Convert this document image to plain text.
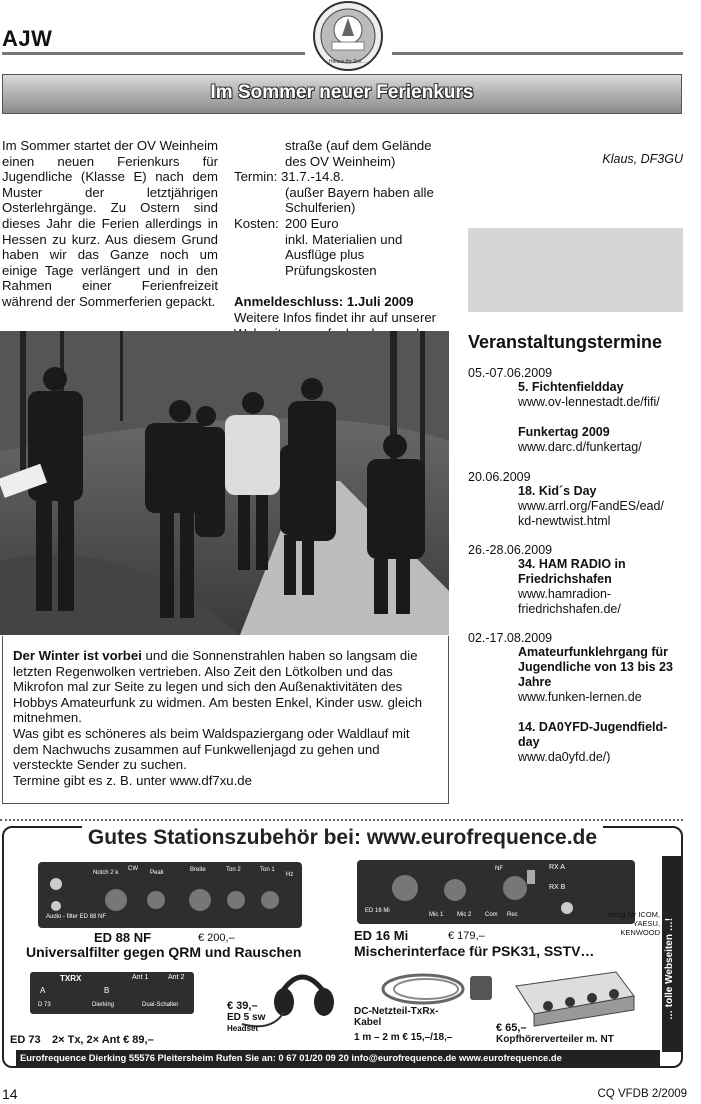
AJW
Hinaus Ihr Zeit ...
Im Sommer neuer Ferienkurs
Im Sommer startet der OV Weinheim einen neuen Ferienkurs für Jugendliche (Klasse E) nach dem Muster der letztjährigen Osterlehrgänge. Zu Ostern sind dieses Jahr die Ferien allerdings in Hessen zu kurz. Aus diesem Grund haben wir das Ganze noch um einige Tage verlängert und in den Rahmen einer Ferienfreizeit während der Sommerferien gepackt.
straße (auf dem Gelände des OV Weinheim)
Termin: 31.7.-14.8.
(außer Bayern haben alle Schulferien)
Kosten: 200 Euro
inkl. Materialien und Ausflüge plus Prüfungskosten
Anmeldeschluss: 1.Juli 2009
Weitere Infos findet ihr auf unserer
Klaus, DF3GU
Veranstaltungstermine
05.-07.06.2009
5. Fichtenfieldday
www.ov-lennestadt.de/fifi/
Funkertag 2009
www.darc.d/funkertag/
20.06.2009
18. Kid´s Day
www.arrl.org/FandES/ead/ kd-newtwist.html
26.-28.06.2009
34. HAM RADIO in Friedrichshafen
www.hamradion-friedrichshafen.de/
02.-17.08.2009
Amateurfunklehrgang für Jugendliche von 13 bis 23 Jahre
www.funken-lernen.de
14. DA0YFD-Jugendfield-day
www.da0yfd.de/)
Der Winter ist vorbei und die Sonnenstrahlen haben so langsam die letzten Regenwolken vertrieben. Also Zeit den Lötkolben und das Mikrofon mal zur Seite zu legen und sich den Außenaktivitäten des Hobbys Amateurfunk zu widmen. Am besten Enkel, Kinder usw. gleich mitnehmen.
Was gibt es schöneres als beim Waldspaziergang oder Waldlauf mit dem Nachwuchs zusammen auf Funkwellenjagd zu gehen und versteckte Sender zu suchen.
Termine gibt es z. B. unter www.df7xu.de
Gutes Stationszubehör bei: www.eurofrequence.de
Audio - filter ED 88 NF
Notch 2 k
CW
Peak	Breite	Ton 2	Ton 1
Hz
ED 88 NF	€ 200,–
Universalfilter gegen QRM und Rauschen
ED 16 Mi
Mic 1 Mic 2 Com Rec
NF	RX A
RX B
ED 16 Mi	€ 179,–
Mischerinterface für PSK31, SSTV…
fertig für ICOM, YAESU, KENWOOD
TXRX
A	B
Ant 1	Ant 2
D 73	Dierking	Dual-Schalter
ED 73 2× Tx, 2× Ant € 89,–
€ 39,–
ED 5 sw
Headset
DC-Netzteil-TxRx-Kabel
1 m – 2 m € 15,–/18,–
€ 65,–
Kopfhörerverteiler m. NT
… tolle Webseiten …!
Eurofrequence Dierking 55576 Pleitersheim Rufen Sie an: 0 67 01/20 09 20 info@eurofrequence.de www.eurofrequence.de
14	CQ VFDB 2/2009
